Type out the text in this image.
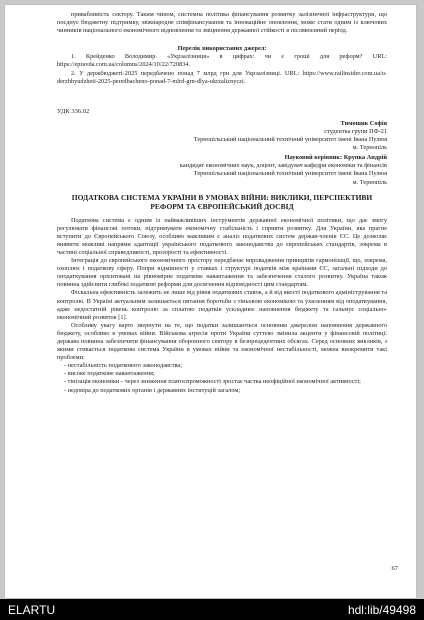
привабливість сектору. Таким чином, системна політика фінансування розвитку залізничної інфраструктури, що поєднує бюджетну підтримку, міжнародне співфінансування та інноваційне оновлення, може стати одним із ключових чинників національного економічного відновлення та зміцнення державної стійкості в післявоєнний період.

Перелік використаних джерел:

1. Крейденко Володимир. «Укрзалізниця» в цифрах: чи є гроші для реформ? URL: https://epravda.com.ua/columns/2024/10/22/720834.

2. У держбюджеті-2025 передбачено понад 7 млрд грн для Укрзалізниці. URL: https://www.railinsider.com.ua/u-derzhbyudzheti-2025-peredbacheno-ponad-7-mlrd-grn-dlya-ukrzaliznyczi.

УДК 336.02

Тимошик Софія

студентка групи ПФ-21

Тернопільський національний технічний університет імені Івана Пулюя

м. Тернопіль

Науковий керівник: Крупка Андрій

кандидат економічних наук, доцент, завідувач кафедри економіки та фінансів

Тернопільський національний технічний університет імені Івана Пулюя

м. Тернопіль

ПОДАТКОВА СИСТЕМА УКРАЇНИ В УМОВАХ ВІЙНИ: ВИКЛИКИ, ПЕРСПЕКТИВИ РЕФОРМ ТА ЄВРОПЕЙСЬКИЙ ДОСВІД

Податкова система є одним із найважливіших інструментів державної економічної політики, що дає змогу регулювати фінансові потоки, підтримувати економічну стабільність і сприяти розвитку. Для України, яка прагне вступити до Європейського Союзу, особливо важливим є аналіз податкових систем держав-членів ЄС. Це дозволяє виявити можливі напрями адаптації українського податкового законодавства до європейських стандартів, зокрема в частині соціальної справедливості, прозорості та ефективності.

Інтеграція до європейського економічного простору передбачає впровадження принципів гармонізації, що, зокрема, охоплює і податкову сферу. Попри відмінності у ставках і структурі податків між країнами ЄС, загальні підходи до оподаткування орієнтовані на рівномірне податкове навантаження та забезпечення сталого розвитку. Україна також повинна здійснити глибокі податкові реформи для досягнення відповідності цим стандартам.

Фіскальна ефективність залежить не лише від рівня податкових ставок, а й від якості податкового адміністрування та контролю. В Україні актуальним залишається питання боротьби з тіньовою економікою та ухиленням від оподаткування, адже недостатній рівень контролю за сплатою податків ускладнює наповнення бюджету та гальмує соціально-економічний розвиток [1].

Особливу увагу варто звернути на те, що податки залишаються основним джерелом наповнення державного бюджету, особливо в умовах війни. Військова агресія проти України суттєво змінила акценти у фінансовій політиці: держава повинна забезпечити фінансування оборонного сектору в безпрецедентних обсягах. Серед основних викликів, з якими стикається податкова система України в умовах війни та економічної нестабільності, можна виокремити такі проблеми:

- нестабільність податкового законодавства;

- високе податкове навантаження;

- тінізація економіки - через зниження платоспроможності зростає частка неофіційної економічної активності;

- недовіра до податкових органів і державних інституцій загалом;

67
ELARTU	hdl:lib/49498
